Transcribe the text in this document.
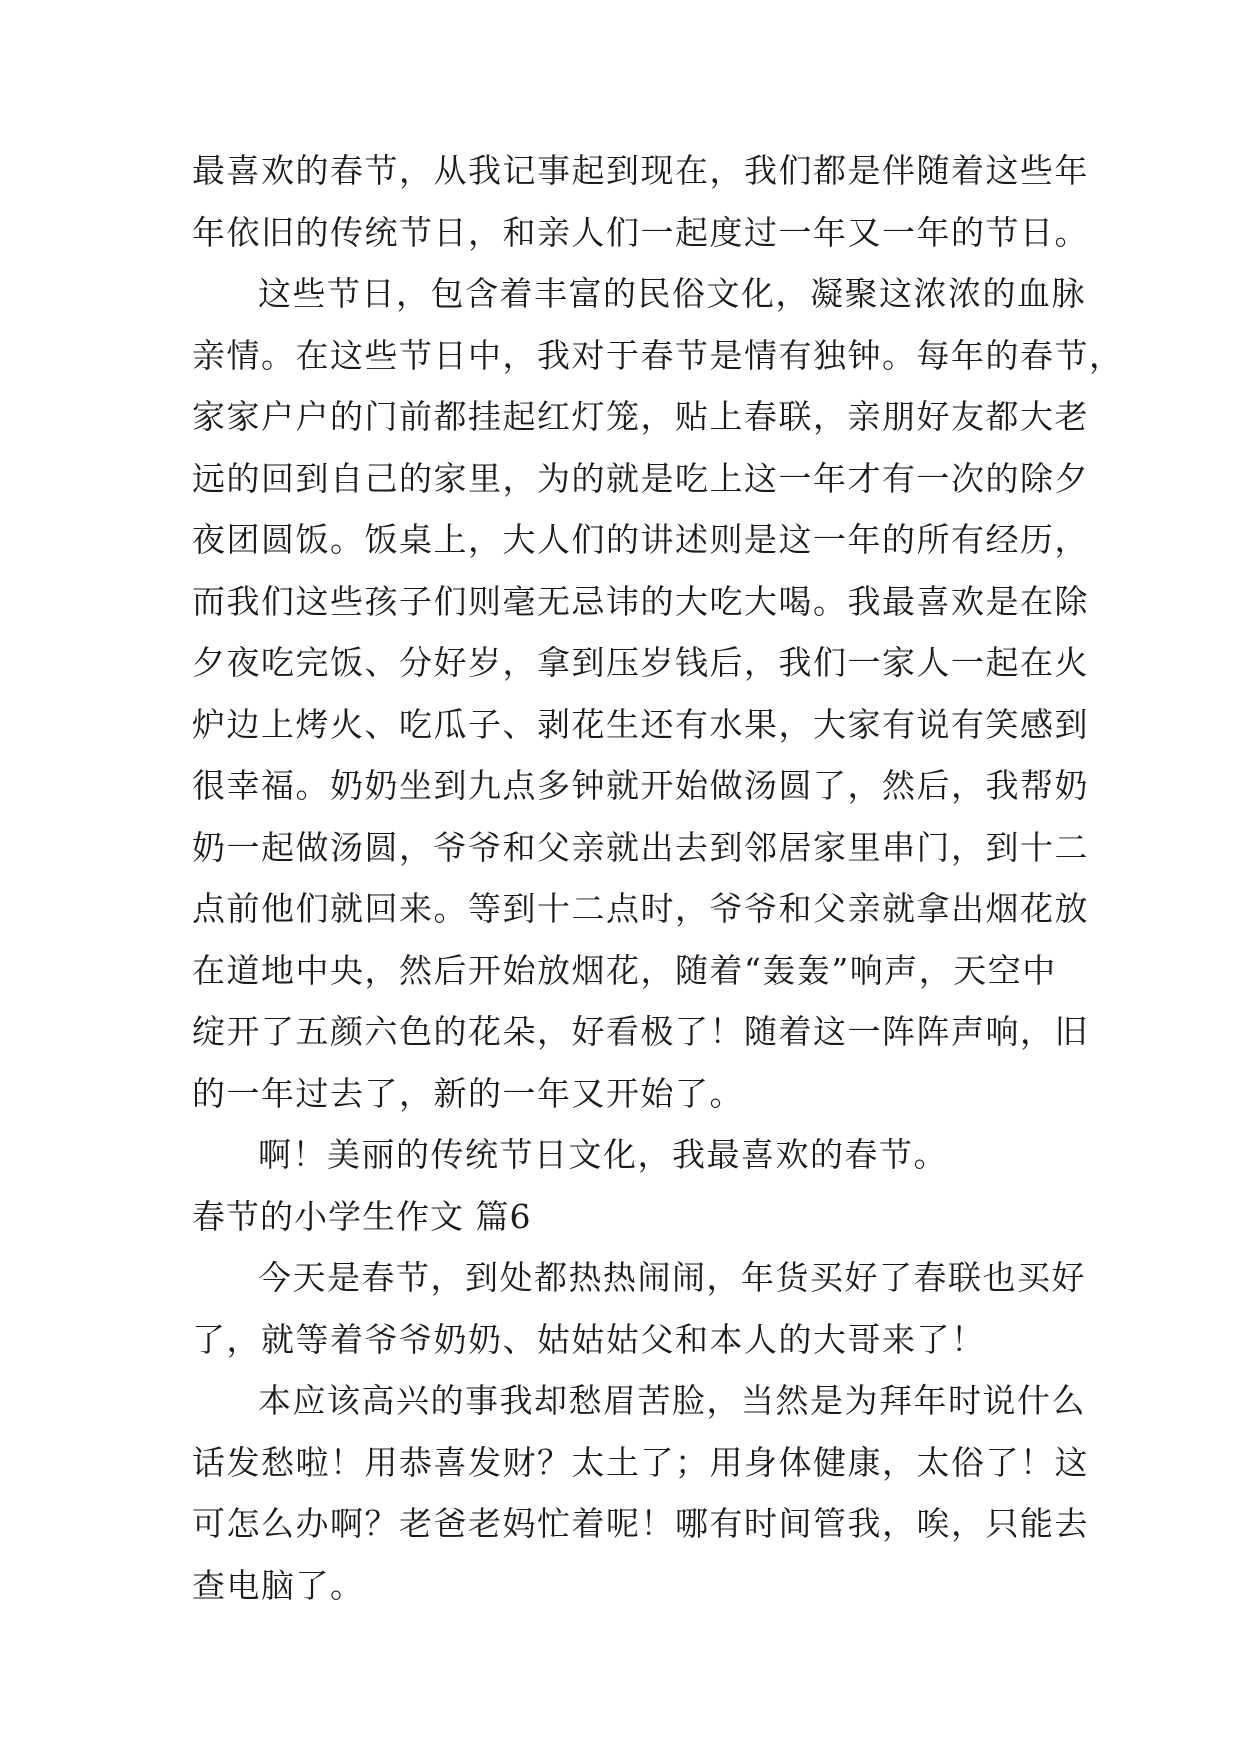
最喜欢的春节，从我记事起到现在，我们都是伴随着这些年
年依旧的传统节日，和亲人们一起度过一年又一年的节日。
这些节日，包含着丰富的民俗文化，凝聚这浓浓的血脉
亲情。在这些节日中，我对于春节是情有独钟。每年的春节，
家家户户的门前都挂起红灯笼，贴上春联，亲朋好友都大老
远的回到自己的家里，为的就是吃上这一年才有一次的除夕
夜团圆饭。饭桌上，大人们的讲述则是这一年的所有经历，
而我们这些孩子们则毫无忌讳的大吃大喝。我最喜欢是在除
夕夜吃完饭、分好岁，拿到压岁钱后，我们一家人一起在火
炉边上烤火、吃瓜子、剥花生还有水果，大家有说有笑感到
很幸福。奶奶坐到九点多钟就开始做汤圆了，然后，我帮奶
奶一起做汤圆，爷爷和父亲就出去到邻居家里串门，到十二
点前他们就回来。等到十二点时，爷爷和父亲就拿出烟花放
在道地中央，然后开始放烟花，随着“轰轰”响声，天空中
绽开了五颜六色的花朵，好看极了！随着这一阵阵声响，旧
的一年过去了，新的一年又开始了。
啊！美丽的传统节日文化，我最喜欢的春节。
春节的小学生作文 篇6
今天是春节，到处都热热闹闹，年货买好了春联也买好
了，就等着爷爷奶奶、姑姑姑父和本人的大哥来了！
本应该高兴的事我却愁眉苦脸，当然是为拜年时说什么
话发愁啦！用恭喜发财？太土了；用身体健康，太俗了！这
可怎么办啊？老爸老妈忙着呢！哪有时间管我，唉，只能去
查电脑了。
